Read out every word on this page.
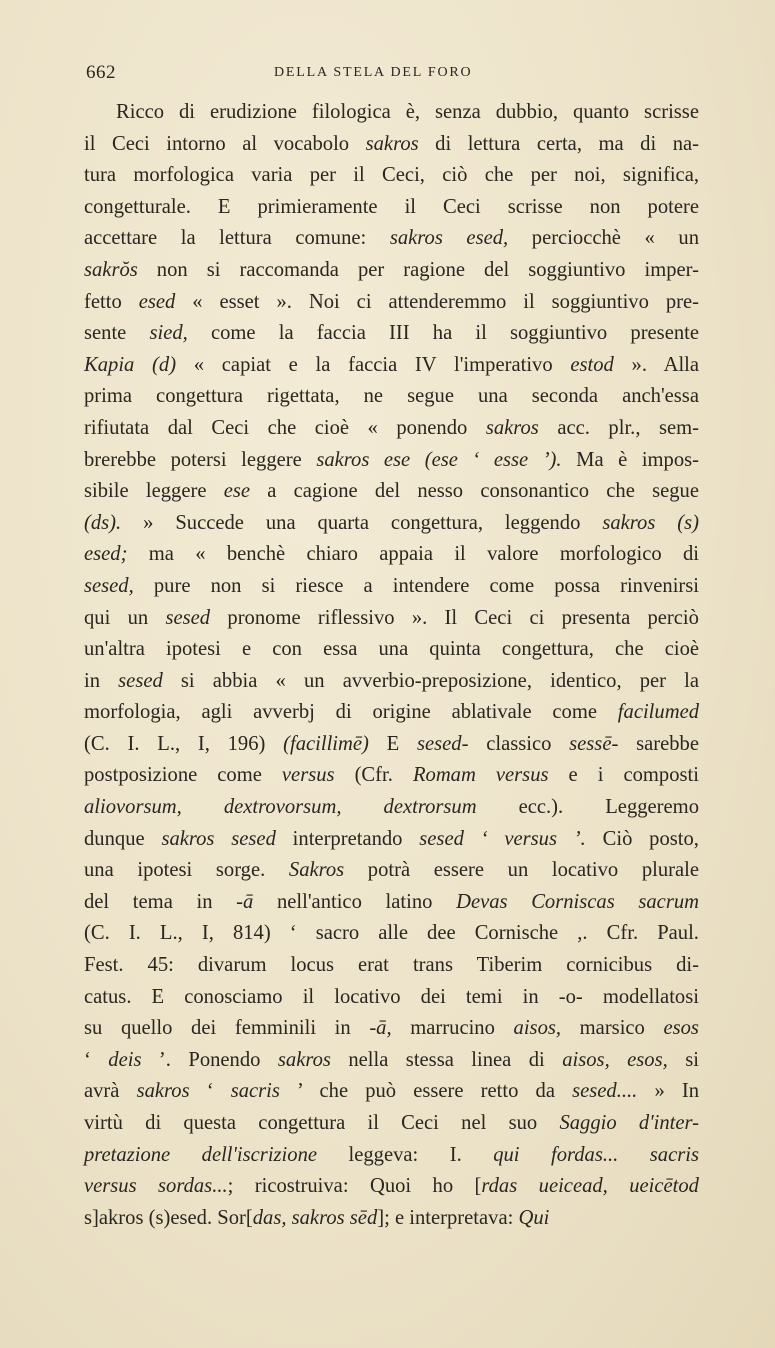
662	DELLA STELA DEL FORO
Ricco di erudizione filologica è, senza dubbio, quanto scrisse
il Ceci intorno al vocabolo sakros di lettura certa, ma di na-
tura morfologica varia per il Ceci, ciò che per noi, significa,
congetturale. E primieramente il Ceci scrisse non potere
accettare la lettura comune: sakros esed, perciocchè « un
sakrŏs non si raccomanda per ragione del soggiuntivo imper-
fetto esed « esset ». Noi ci attenderemmo il soggiuntivo pre-
sente sied, come la faccia III ha il soggiuntivo presente
Kapia (d) « capiat e la faccia IV l'imperativo estod ». Alla
prima congettura rigettata, ne segue una seconda anch'essa
rifiutata dal Ceci che cioè « ponendo sakros acc. plr., sem-
brerebbe potersi leggere sakros ese (ese ‘ esse ’). Ma è impos-
sibile leggere ese a cagione del nesso consonantico che segue
(ds). » Succede una quarta congettura, leggendo sakros (s)
esed; ma « benchè chiaro appaia il valore morfologico di
sesed, pure non si riesce a intendere come possa rinvenirsi
qui un sesed pronome riflessivo ». Il Ceci ci presenta perciò
un'altra ipotesi e con essa una quinta congettura, che cioè
in sesed si abbia « un avverbio-preposizione, identico, per la
morfologia, agli avverbj di origine ablativale come facilumed
(C. I. L., I, 196) (facillimē) E sesed- classico sessē- sarebbe
postposizione come versus (Cfr. Romam versus e i composti
aliovorsum, dextrovorsum, dextrorsum ecc.). Leggeremo
dunque sakros sesed interpretando sesed ‘ versus ’. Ciò posto,
una ipotesi sorge. Sakros potrà essere un locativo plurale
del tema in -ā nell'antico latino Devas Corniscas sacrum
(C. I. L., I, 814) ‘ sacro alle dee Cornische ,. Cfr. Paul.
Fest. 45: divarum locus erat trans Tiberim cornicibus di-
catus. E conosciamo il locativo dei temi in -o- modellatosi
su quello dei femminili in -ā, marrucino aisos, marsico esos
‘ deis ’. Ponendo sakros nella stessa linea di aisos, esos, si
avrà sakros ‘ sacris ’ che può essere retto da sesed.... » In
virtù di questa congettura il Ceci nel suo Saggio d'inter-
pretazione dell'iscrizione leggeva: I. qui fordas... sacris
versus sordas...; ricostruiva: Quoi ho [rdas ueicead, ueicētod
s]akros (s)esed. Sor[das, sakros sēd]; e interpretava: Qui
